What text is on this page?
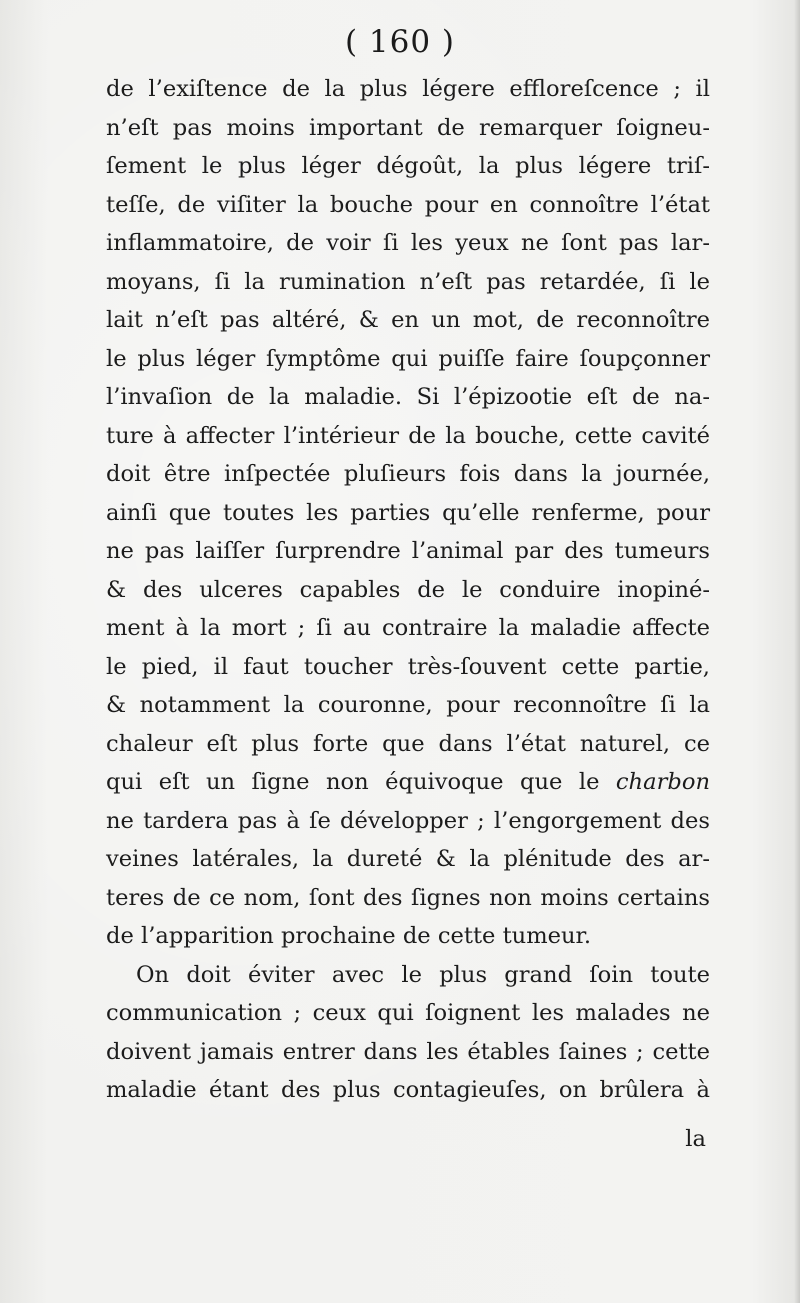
( 160 )
de l’exiſtence de la plus légere effloreſcence ; il
n’eſt pas moins important de remarquer ſoigneu-
ſement le plus léger dégoût, la plus légere triſ-
teſſe, de viſiter la bouche pour en connoître l’état
inflammatoire, de voir ſi les yeux ne ſont pas lar-
moyans, ſi la rumination n’eſt pas retardée, ſi le
lait n’eſt pas altéré, & en un mot, de reconnoître
le plus léger ſymptôme qui puiſſe faire ſoupçonner
l’invaſion de la maladie. Si l’épizootie eſt de na-
ture à affecter l’intérieur de la bouche, cette cavité
doit être inſpectée pluſieurs fois dans la journée,
ainſi que toutes les parties qu’elle renferme, pour
ne pas laiſſer ſurprendre l’animal par des tumeurs
& des ulceres capables de le conduire inopiné-
ment à la mort ; ſi au contraire la maladie affecte
le pied, il faut toucher très-ſouvent cette partie,
& notamment la couronne, pour reconnoître ſi la
chaleur eſt plus forte que dans l’état naturel, ce
qui eſt un ſigne non équivoque que le charbon
ne tardera pas à ſe développer ; l’engorgement des
veines latérales, la dureté & la plénitude des ar-
teres de ce nom, ſont des ſignes non moins certains
de l’apparition prochaine de cette tumeur.
On doit éviter avec le plus grand ſoin toute
communication ; ceux qui ſoignent les malades ne
doivent jamais entrer dans les étables ſaines ; cette
maladie étant des plus contagieuſes, on brûlera à
la
